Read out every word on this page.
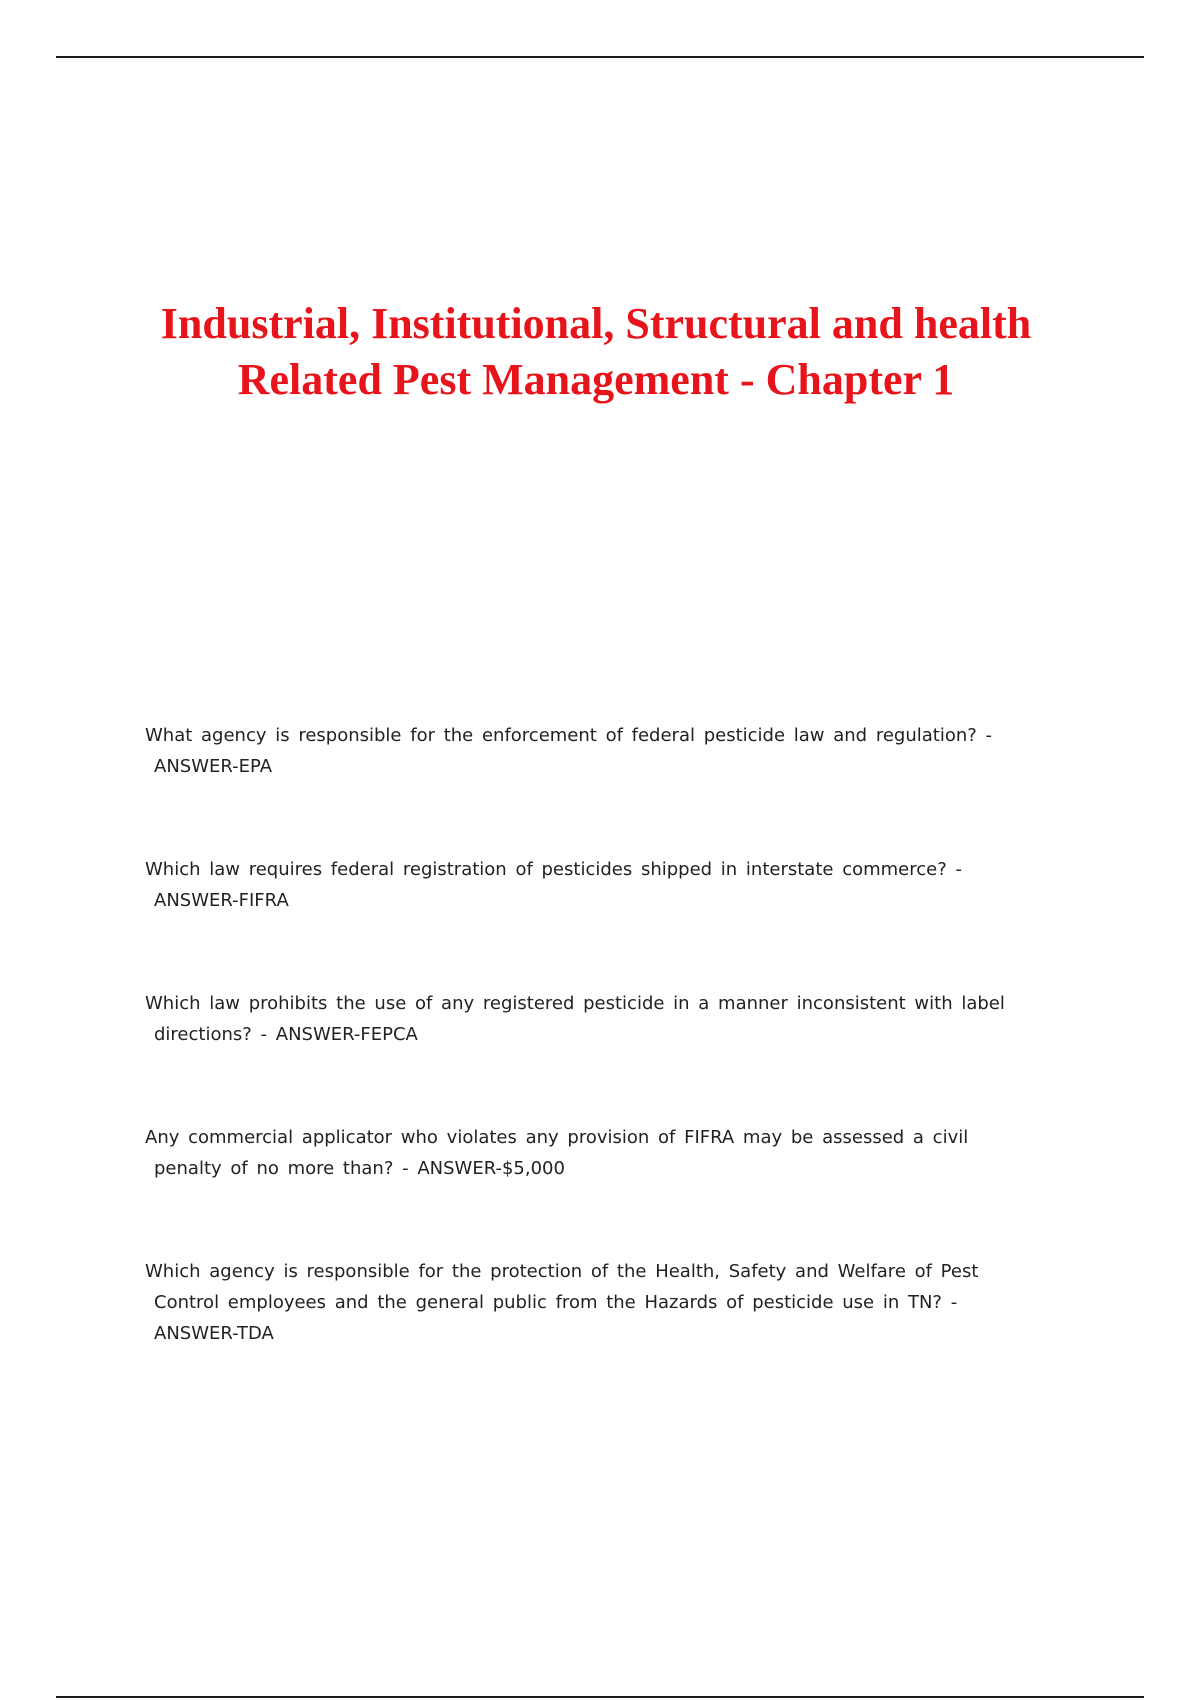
Industrial, Institutional, Structural and health Related Pest Management - Chapter 1

What agency is responsible for the enforcement of federal pesticide law and regulation? -

ANSWER-EPA

Which law requires federal registration of pesticides shipped in interstate commerce? -

ANSWER-FIFRA

Which law prohibits the use of any registered pesticide in a manner inconsistent with label

directions? - ANSWER-FEPCA

Any commercial applicator who violates any provision of FIFRA may be assessed a civil

penalty of no more than? - ANSWER-$5,000

Which agency is responsible for the protection of the Health, Safety and Welfare of Pest

Control employees and the general public from the Hazards of pesticide use in TN? -

ANSWER-TDA
